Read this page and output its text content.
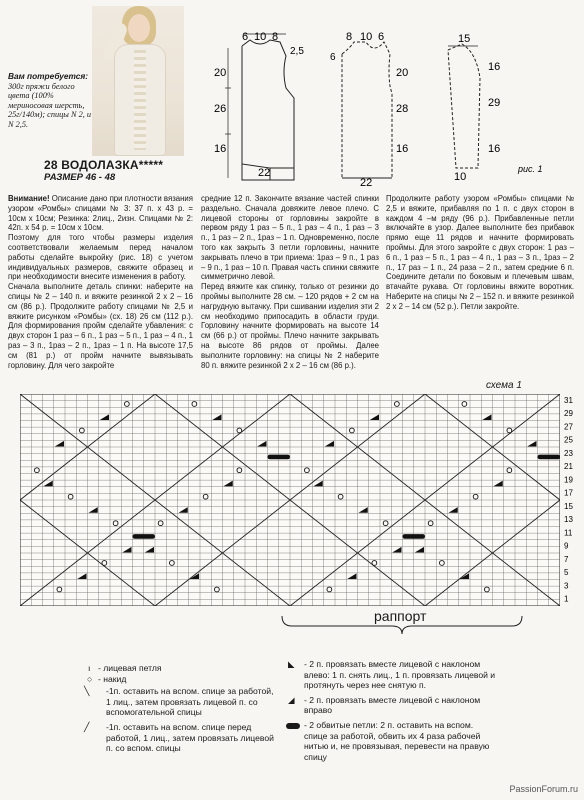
Вам потребуется:
300г пряжи белого цвета (100% мериносовая шерсть, 25г/140м); спицы N 2, и N 2,5.
28 ВОДОЛАЗКА*****
РАЗМЕР 46 - 48
6 10 8
2,5
20
26
16
22
8 10 6
6
20
28
16
22
15
16
29
16
10
рис. 1

Внимание! Описание дано при плотности вязания узором «Ромбы» спицами № 3: 37 п. х 43 р. = 10см х 10см; Резинка: 2лиц., 2изн. Спицами № 2: 42п. х 54 р. = 10см х 10см.

Поэтому для того чтобы размеры изделия соответствовали желаемым перед началом работы сделайте выкройку (рис. 18) с учетом индивидуальных размеров, свяжите образец и при необходимости внесите изменения в работу.

Сначала выполните деталь спинки: наберите на спицы № 2 – 140 п. и вяжите резинкой 2 х 2 – 16 см (86 р.). Продолжите работу спицами № 2,5 и вяжите рисунком «Ромбы» (сх. 18) 26 см (112 р.). Для формирования пройм сделайте убавления: с двух сторон 1 раз – 6 п., 1 раз – 5 п., 1 раз – 4 п., 1 раз – 3 п., 1раз – 2 п., 1раз – 1 п. На высоте 17,5 см (81 р.) от пройм начните вывязывать горловину. Для чего закройте

средние 12 п. Закончите вязание частей спинки раздельно. Сначала довяжите левое плечо. С лицевой стороны от горловины закройте в первом ряду 1 раз – 5 п., 1 раз – 4 п., 1 раз – 3 п., 1 раз – 2 п., 1раз – 1 п. Одновременно, после того как закрыть 3 петли горловины, начните закрывать плечо в три приема: 1раз – 9 п., 1 раз – 9 п., 1 раз – 10 п. Правая часть спинки свяжите симметрично левой.

Перед вяжите как спинку, только от резинки до проймы выполните 28 см. – 120 рядов + 2 см на нагрудную вытачку. При сшивании изделия эти 2 см необходимо припосадить в области груди. Горловину начните формировать на высоте 14 см (66 р.) от проймы. Плечо начните закрывать на высоте 86 рядов от проймы. Далее выполните горловину: на спицы № 2 наберите 80 п. вяжите резинкой 2 х 2 – 16 см (86 р.).

Продолжите работу узором «Ромбы» спицами № 2,5 и вяжите, прибавляя по 1 п. с двух сторон в каждом 4 –м ряду (96 р.). Прибавленные петли включайте в узор. Далее выполните без прибавок прямо еще 11 рядов и начните формировать проймы. Для этого закройте с двух сторон: 1 раз – 6 п., 1 раз – 5 п., 1 раз – 4 п., 1 раз – 3 п., 1раз – 2 п., 17 раз – 1 п., 24 раза – 2 п., затем средние 6 п. Соедините детали по боковым и плечевым швам, втачайте рукава. От горловины вяжите воротник. Наберите на спицы № 2 – 152 п. и вяжите резинкой 2 х 2 – 14 см (52 р.). Петли закройте.

схема 1
31
29
27
25
23
21
19
17
15
13
11
9
7
5
3
1
раппорт
ı - лицевая петля
○ - накид
╲ -1п. оставить на вспом. спице за работой, 1 лиц., затем провязать лицевой п. со вспомогательной спицы
╱ -1п. оставить на вспом. спице перед работой, 1 лиц., затем провязать лицевой п. со вспом. спицы
◣ - 2 п. провязать вместе лицевой с наклоном влево: 1 п. снять лиц., 1 п. провязать лицевой и протянуть через нее снятую п.
◢ - 2 п. провязать вместе лицевой с наклоном вправо
- 2 обвитые петли: 2 п. оставить на вспом. спице за работой, обвить их 4 раза рабочей нитью и, не провязывая, перевести на правую спицу
PassionForum.ru
